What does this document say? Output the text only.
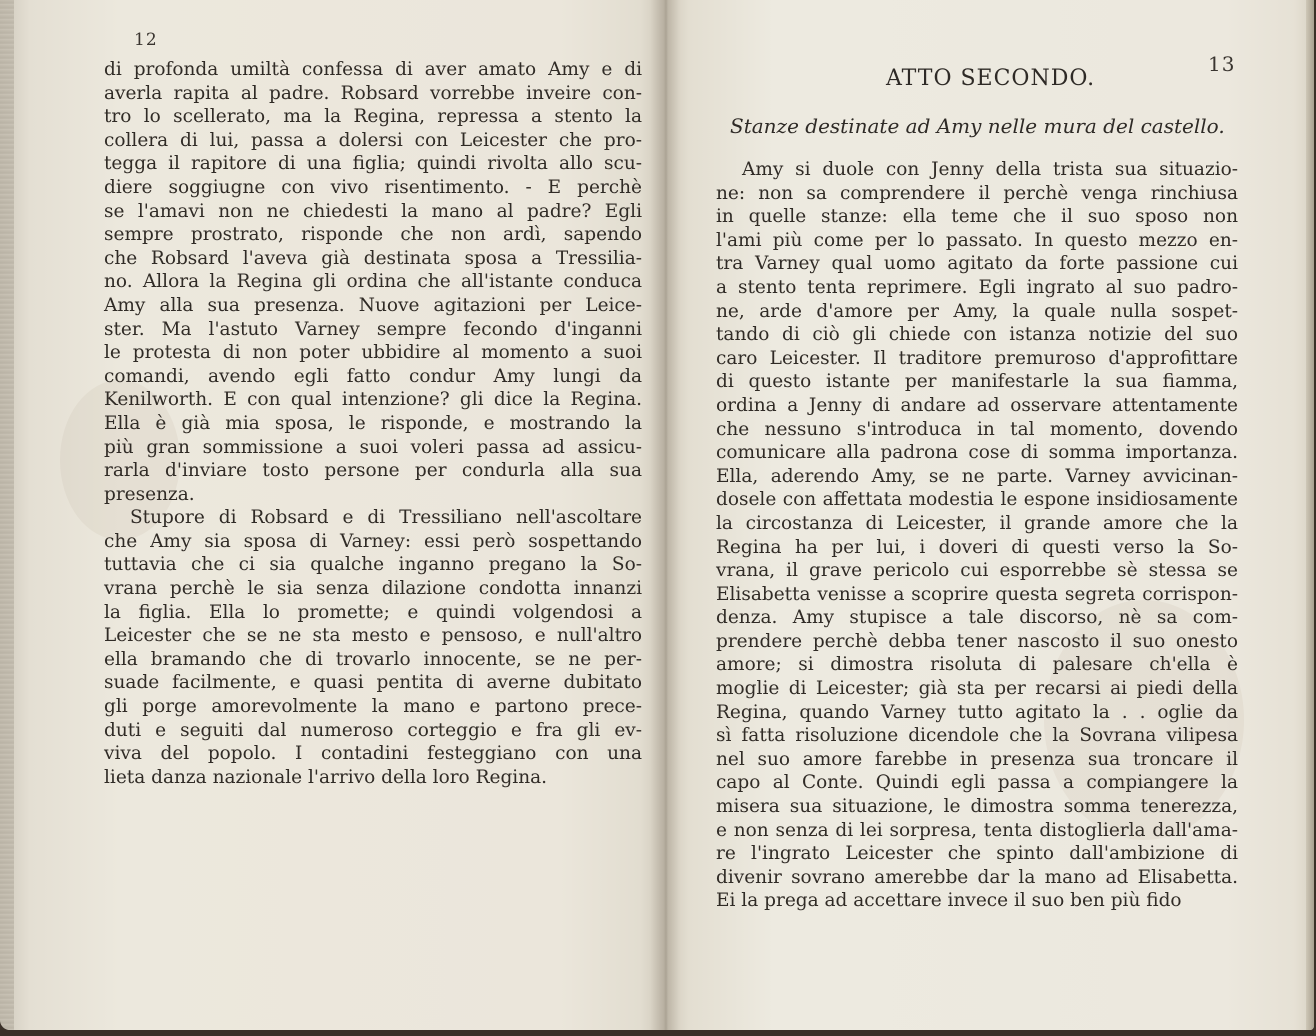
12

di profonda umiltà confessa di aver amato Amy e di
averla rapita al padre. Robsard vorrebbe inveire con-
tro lo scellerato, ma la Regina, repressa a stento la
collera di lui, passa a dolersi con Leicester che pro-
tegga il rapitore di una figlia; quindi rivolta allo scu-
diere soggiugne con vivo risentimento. - E perchè
se l'amavi non ne chiedesti la mano al padre? Egli
sempre prostrato, risponde che non ardì, sapendo
che Robsard l'aveva già destinata sposa a Tressilia-
no. Allora la Regina gli ordina che all'istante conduca
Amy alla sua presenza. Nuove agitazioni per Leice-
ster. Ma l'astuto Varney sempre fecondo d'inganni
le protesta di non poter ubbidire al momento a suoi
comandi, avendo egli fatto condur Amy lungi da
Kenilworth. E con qual intenzione? gli dice la Regina.
Ella è già mia sposa, le risponde, e mostrando la
più gran sommissione a suoi voleri passa ad assicu-
rarla d'inviare tosto persone per condurla alla sua
presenza.

Stupore di Robsard e di Tressiliano nell'ascoltare
che Amy sia sposa di Varney: essi però sospettando
tuttavia che ci sia qualche inganno pregano la So-
vrana perchè le sia senza dilazione condotta innanzi
la figlia. Ella lo promette; e quindi volgendosi a
Leicester che se ne sta mesto e pensoso, e null'altro
ella bramando che di trovarlo innocente, se ne per-
suade facilmente, e quasi pentita di averne dubitato
gli porge amorevolmente la mano e partono prece-
duti e seguiti dal numeroso corteggio e fra gli ev-
viva del popolo. I contadini festeggiano con una
lieta danza nazionale l'arrivo della loro Regina.

13
ATTO SECONDO.
Stanze destinate ad Amy nelle mura del castello.

Amy si duole con Jenny della trista sua situazio-
ne: non sa comprendere il perchè venga rinchiusa
in quelle stanze: ella teme che il suo sposo non
l'ami più come per lo passato. In questo mezzo en-
tra Varney qual uomo agitato da forte passione cui
a stento tenta reprimere. Egli ingrato al suo padro-
ne, arde d'amore per Amy, la quale nulla sospet-
tando di ciò gli chiede con istanza notizie del suo
caro Leicester. Il traditore premuroso d'approfittare
di questo istante per manifestarle la sua fiamma,
ordina a Jenny di andare ad osservare attentamente
che nessuno s'introduca in tal momento, dovendo
comunicare alla padrona cose di somma importanza.
Ella, aderendo Amy, se ne parte. Varney avvicinan-
dosele con affettata modestia le espone insidiosamente
la circostanza di Leicester, il grande amore che la
Regina ha per lui, i doveri di questi verso la So-
vrana, il grave pericolo cui esporrebbe sè stessa se
Elisabetta venisse a scoprire questa segreta corrispon-
denza. Amy stupisce a tale discorso, nè sa com-
prendere perchè debba tener nascosto il suo onesto
amore; si dimostra risoluta di palesare ch'ella è
moglie di Leicester; già sta per recarsi ai piedi della
Regina, quando Varney tutto agitato la . . oglie da
sì fatta risoluzione dicendole che la Sovrana vilipesa
nel suo amore farebbe in presenza sua troncare il
capo al Conte. Quindi egli passa a compiangere la
misera sua situazione, le dimostra somma tenerezza,
e non senza di lei sorpresa, tenta distoglierla dall'ama-
re l'ingrato Leicester che spinto dall'ambizione di
divenir sovrano amerebbe dar la mano ad Elisabetta.
Ei la prega ad accettare invece il suo ben più fido
